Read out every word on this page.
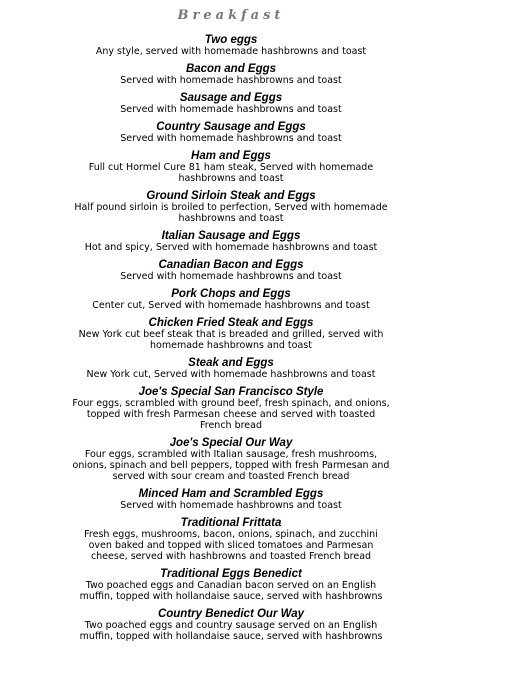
Breakfast
Two eggs
Any style, served with homemade hashbrowns and toast
Bacon and Eggs
Served with homemade hashbrowns and toast
Sausage and Eggs
Served with homemade hashbrowns and toast
Country Sausage and Eggs
Served with homemade hashbrowns and toast
Ham and Eggs
Full cut Hormel Cure 81 ham steak, Served with homemade hashbrowns and toast
Ground Sirloin Steak and Eggs
Half pound sirloin is broiled to perfection, Served with homemade hashbrowns and toast
Italian Sausage and Eggs
Hot and spicy, Served with homemade hashbrowns and toast
Canadian Bacon and Eggs
Served with homemade hashbrowns and toast
Pork Chops and Eggs
Center cut, Served with homemade hashbrowns and toast
Chicken Fried Steak and Eggs
New York cut beef steak that is breaded and grilled, served with homemade hashbrowns and toast
Steak and Eggs
New York cut, Served with homemade hashbrowns and toast
Joe's Special San Francisco Style
Four eggs, scrambled with ground beef, fresh spinach, and onions, topped with fresh Parmesan cheese and served with toasted French bread
Joe's Special Our Way
Four eggs, scrambled with Italian sausage, fresh mushrooms, onions, spinach and bell peppers, topped with fresh Parmesan and served with sour cream and toasted French bread
Minced Ham and Scrambled Eggs
Served with homemade hashbrowns and toast
Traditional Frittata
Fresh eggs, mushrooms, bacon, onions, spinach, and zucchini oven baked and topped with sliced tomatoes and Parmesan cheese, served with hashbrowns and toasted French bread
Traditional Eggs Benedict
Two poached eggs and Canadian bacon served on an English muffin, topped with hollandaise sauce, served with hashbrowns
Country Benedict Our Way
Two poached eggs and country sausage served on an English muffin, topped with hollandaise sauce, served with hashbrowns
